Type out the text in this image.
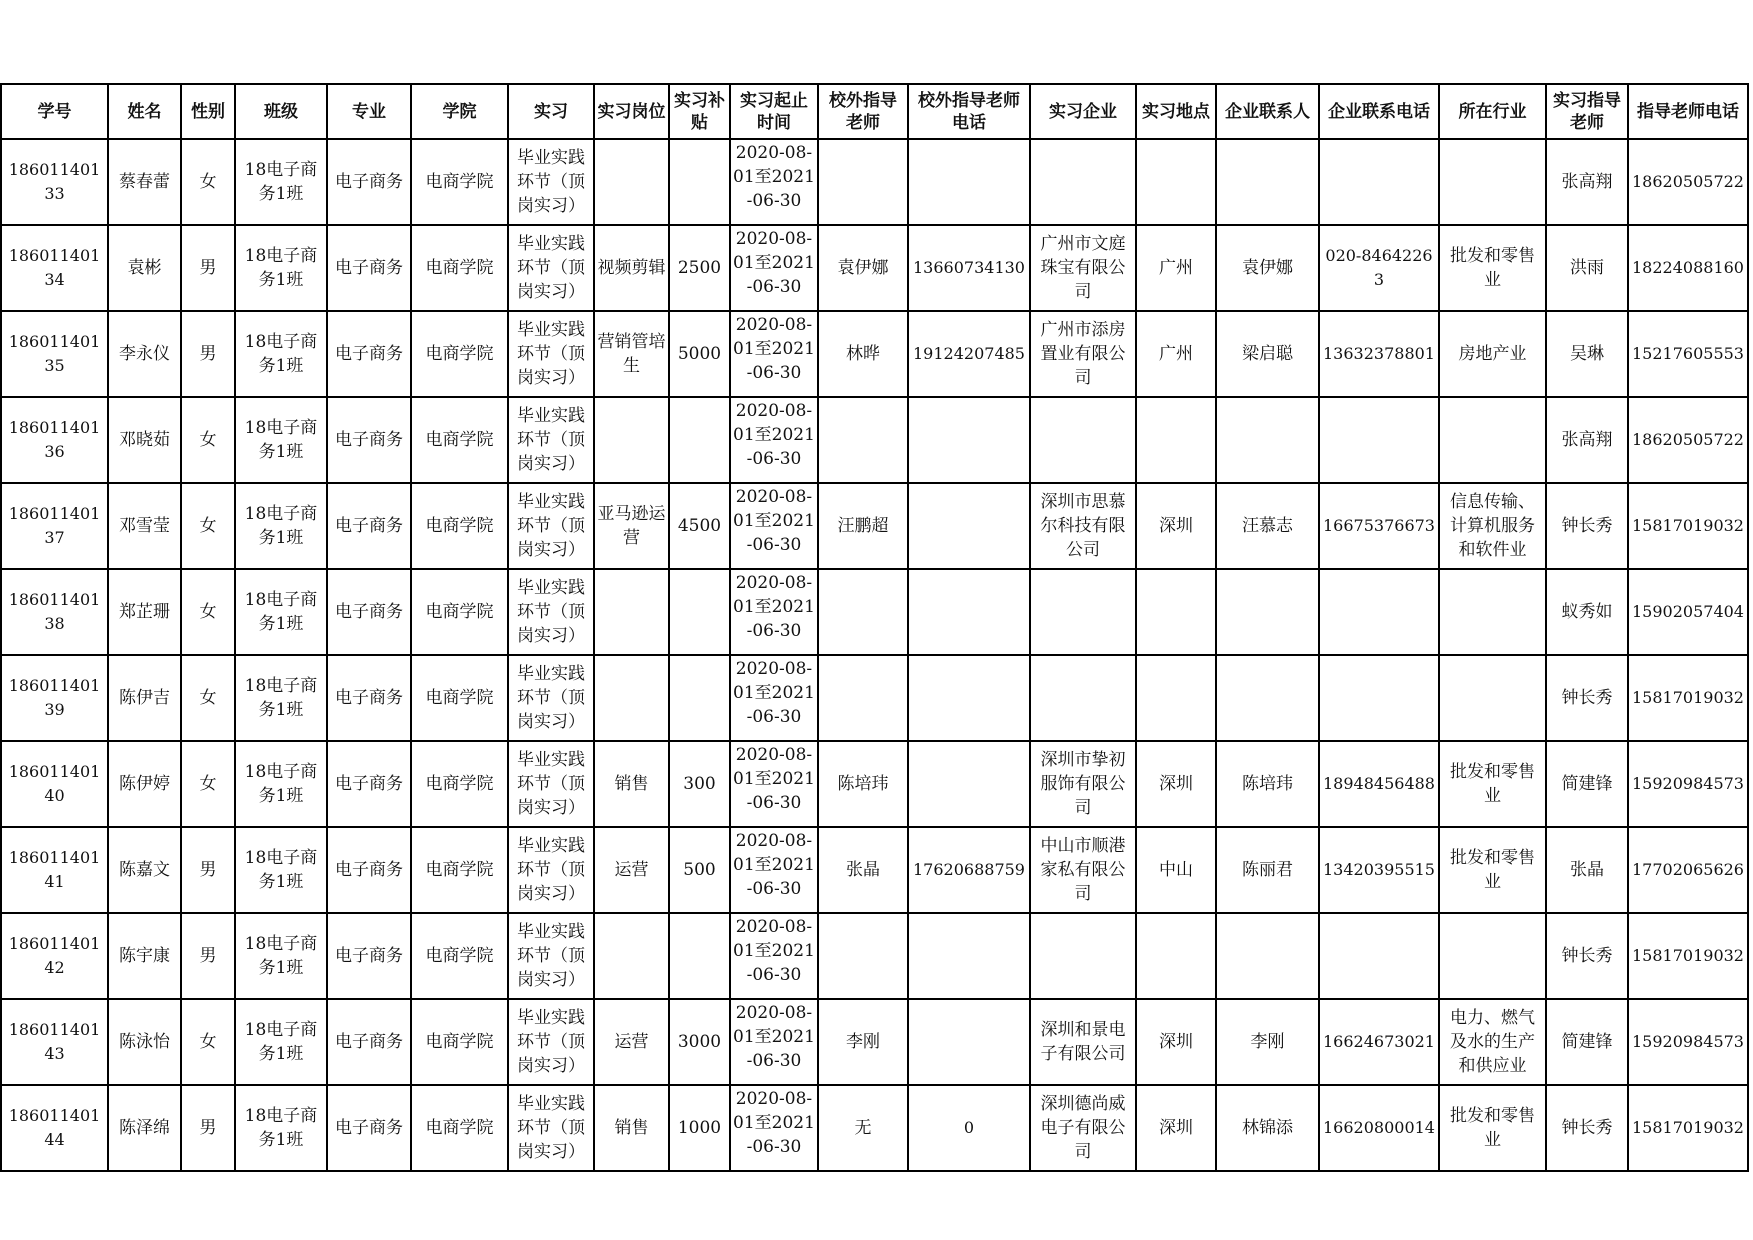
学号	姓名	性别	班级	专业	学院	实习	实习岗位	实习补贴	实习起止时间	校外指导老师	校外指导老师电话	实习企业	实习地点	企业联系人	企业联系电话	所在行业	实习指导老师	指导老师电话
18601140133	蔡春蕾	女	18电子商务1班	电子商务	电商学院	毕业实践环节（顶岗实习）			2020-08-01至2021-06-30								张高翔	18620505722
18601140134	袁彬	男	18电子商务1班	电子商务	电商学院	毕业实践环节（顶岗实习）	视频剪辑	2500	2020-08-01至2021-06-30	袁伊娜	13660734130	广州市文庭珠宝有限公司	广州	袁伊娜	020-84642263	批发和零售业	洪雨	18224088160
18601140135	李永仪	男	18电子商务1班	电子商务	电商学院	毕业实践环节（顶岗实习）	营销管培生	5000	2020-08-01至2021-06-30	林晔	19124207485	广州市添房置业有限公司	广州	梁启聪	13632378801	房地产业	吴琳	15217605553
18601140136	邓晓茹	女	18电子商务1班	电子商务	电商学院	毕业实践环节（顶岗实习）			2020-08-01至2021-06-30								张高翔	18620505722
18601140137	邓雪莹	女	18电子商务1班	电子商务	电商学院	毕业实践环节（顶岗实习）	亚马逊运营	4500	2020-08-01至2021-06-30	汪鹏超		深圳市思慕尔科技有限公司	深圳	汪慕志	16675376673	信息传输、计算机服务和软件业	钟长秀	15817019032
18601140138	郑芷珊	女	18电子商务1班	电子商务	电商学院	毕业实践环节（顶岗实习）			2020-08-01至2021-06-30								蚁秀如	15902057404
18601140139	陈伊吉	女	18电子商务1班	电子商务	电商学院	毕业实践环节（顶岗实习）			2020-08-01至2021-06-30								钟长秀	15817019032
18601140140	陈伊婷	女	18电子商务1班	电子商务	电商学院	毕业实践环节（顶岗实习）	销售	300	2020-08-01至2021-06-30	陈培玮		深圳市挚初服饰有限公司	深圳	陈培玮	18948456488	批发和零售业	简建锋	15920984573
18601140141	陈嘉文	男	18电子商务1班	电子商务	电商学院	毕业实践环节（顶岗实习）	运营	500	2020-08-01至2021-06-30	张晶	17620688759	中山市顺港家私有限公司	中山	陈丽君	13420395515	批发和零售业	张晶	17702065626
18601140142	陈宇康	男	18电子商务1班	电子商务	电商学院	毕业实践环节（顶岗实习）			2020-08-01至2021-06-30								钟长秀	15817019032
18601140143	陈泳怡	女	18电子商务1班	电子商务	电商学院	毕业实践环节（顶岗实习）	运营	3000	2020-08-01至2021-06-30	李刚		深圳和景电子有限公司	深圳	李刚	16624673021	电力、燃气及水的生产和供应业	简建锋	15920984573
18601140144	陈泽绵	男	18电子商务1班	电子商务	电商学院	毕业实践环节（顶岗实习）	销售	1000	2020-08-01至2021-06-30	无	0	深圳德尚威电子有限公司	深圳	林锦添	16620800014	批发和零售业	钟长秀	15817019032
